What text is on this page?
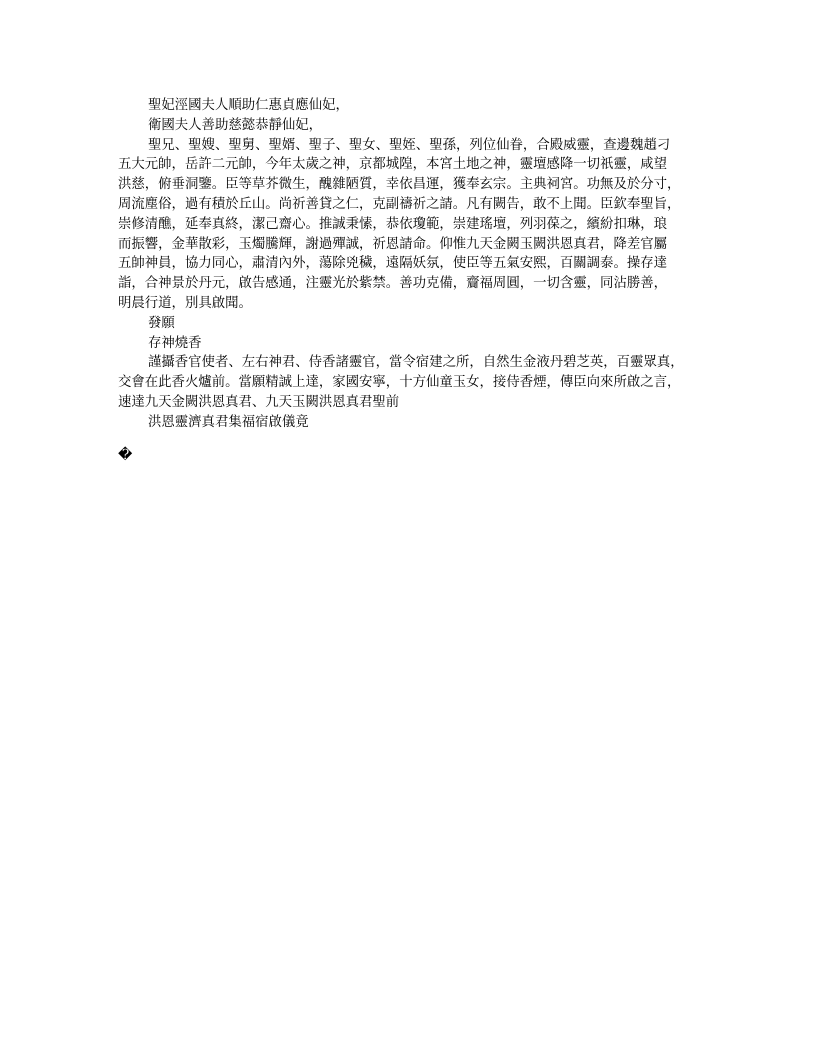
聖妃涇國夫人順助仁惠貞應仙妃，
衛國夫人善助慈懿恭靜仙妃，
聖兄、聖嫂、聖舅、聖婿、聖子、聖女、聖姪、聖孫，列位仙眷，合殿威靈，查邊魏趙刁
五大元帥，岳許二元帥，今年太歲之神，京都城隍，本宮土地之神，靈壇感降一切祇靈，咸望
洪慈，俯垂洞鑒。臣等草芥微生，醜雜陋質，幸依昌運，獲奉玄宗。主典祠宮。功無及於分寸，
周流塵俗，過有積於丘山。尚祈善貸之仁，克副禱祈之請。凡有闕告，敢不上聞。臣欽奉聖旨，
崇修清醮，延奉真終，潔己齋心。推誠秉愫，恭依瓊範，崇建瑤壇，列羽葆之，繽紛扣琳，琅
而振響，金華散彩，玉燭騰輝，謝過殫誠，祈恩請命。仰惟九天金闕玉闕洪恩真君，降差官屬
五帥神員，協力同心，肅清內外，蕩除兇穢，遠隔妖氛，使臣等五氣安熙，百關調泰。操存達
詣，合神景於丹元，啟告感通，注靈光於紫禁。善功克備，齎福周圓，一切含靈，同沾勝善，
明晨行道，別具啟聞。
發願
存神燒香
謹攝香官使者、左右神君、侍香諸靈官，當令宿建之所，自然生金液丹碧芝英，百靈眾真，
交會在此香火爐前。當願精誠上達，家國安寧，十方仙童玉女，接侍香煙，傳臣向來所啟之言，
速達九天金闕洪恩真君、九天玉闕洪恩真君聖前
洪恩靈濟真君集福宿啟儀竟
�
